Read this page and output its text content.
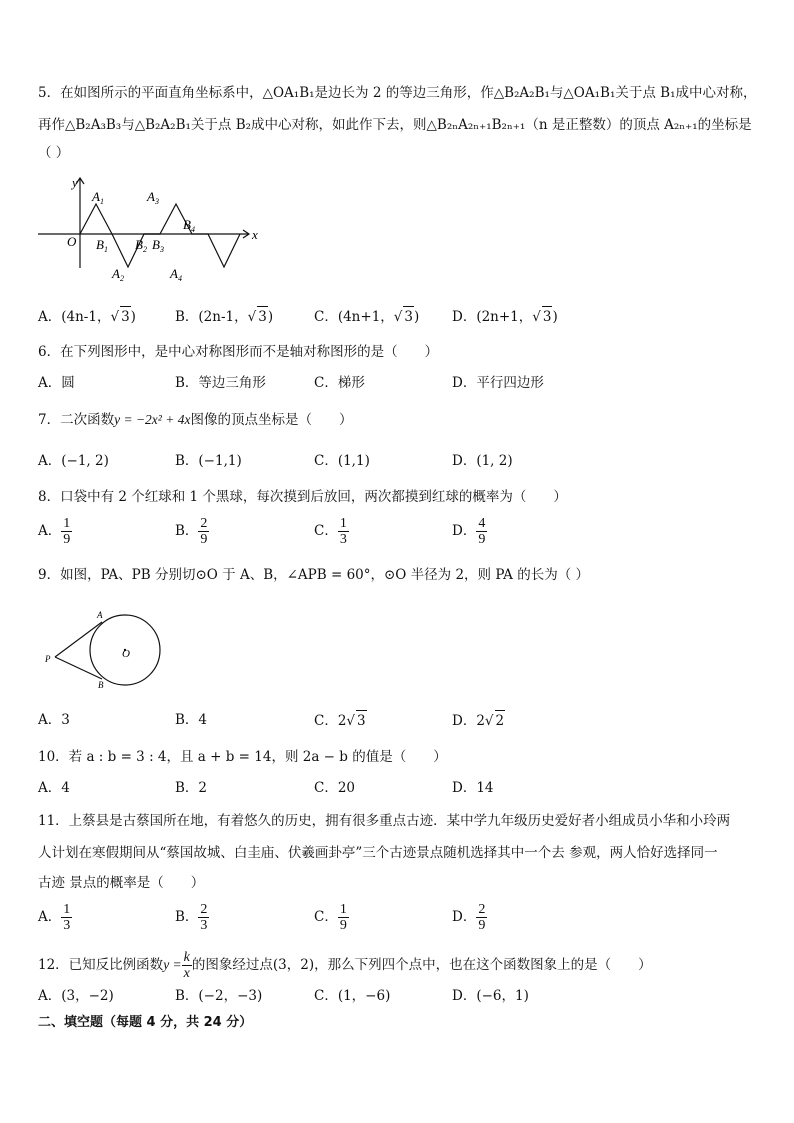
5．在如图所示的平面直角坐标系中，△OA₁B₁是边长为 2 的等边三角形，作△B₂A₂B₁与△OA₁B₁关于点 B₁成中心对称，
再作△B₂A₃B₃与△B₂A₂B₁关于点 B₂成中心对称，如此作下去，则△B₂ₙA₂ₙ₊₁B₂ₙ₊₁（n 是正整数）的顶点 A₂ₙ₊₁的坐标是
（ ）
y
x
O
$A_1$
$A_2$
$A_3$
$A_4$
$B_1$ $B_2$ $B_3$
$B_4$
A．(4n-1，√ 3)	B．(2n-1，√ 3)	C．(4n+1，√ 3) D．(2n+1，√ 3)
6．在下列图形中，是中心对称图形而不是轴对称图形的是（　　）
A．圆	B．等边三角形	C．梯形	D．平行四边形
7．二次函数y = −2x² + 4x图像的顶点坐标是（　　）
A．(−1, 2)	B．(−1,1)	C．(1,1)	D．(1, 2)
8．口袋中有 2 个红球和 1 个黑球，每次摸到后放回，两次都摸到红球的概率为（　　）
A． $\frac{1}{9}$	B． $\frac{2}{9}$	C． $\frac{1}{3}$	D． $\frac{4}{9}$
9．如图，PA、PB 分别切⊙O 于 A、B，∠APB = 60°，⊙O 半径为 2，则 PA 的长为（ ）
A
B
P	O
A．3	B．4	C．2√ 3	D．2√ 2
10．若 a : b = 3 : 4，且 a + b = 14，则 2a − b 的值是（　　）
A．4	B．2	C．20	D．14
11．上蔡县是古蔡国所在地，有着悠久的历史，拥有很多重点古迹．某中学九年级历史爱好者小组成员小华和小玲两
人计划在寒假期间从“蔡国故城、白圭庙、伏羲画卦亭”三个古迹景点随机选择其中一个去 参观，两人恰好选择同一
古迹 景点的概率是（　　）
A． $\frac{1}{3}$	B． $\frac{2}{3}$	C． $\frac{1}{9}$	D． $\frac{2}{9}$
12．已知反比例函数$y = \frac{k}{x}$ 的图象经过点(3，2)，那么下列四个点中，也在这个函数图象上的是（　　）
A．(3，−2)	B．(−2，−3)	C．(1，−6)	D．(−6，1)
二、填空题（每题 4 分，共 24 分）
